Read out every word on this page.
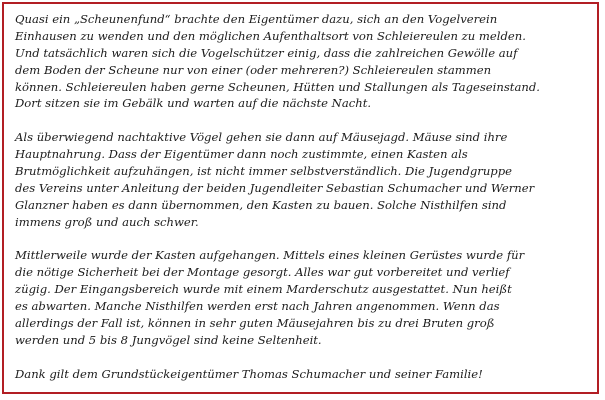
Quasi ein „Scheunenfund“ brachte den Eigentümer dazu, sich an den Vogelverein
Einhausen zu wenden und den möglichen Aufenthaltsort von Schleiereulen zu melden.
Und tatsächlich waren sich die Vogelschützer einig, dass die zahlreichen Gewölle auf
dem Boden der Scheune nur von einer (oder mehreren?) Schleiereulen stammen
können. Schleiereulen haben gerne Scheunen, Hütten und Stallungen als Tageseinstand.
Dort sitzen sie im Gebälk und warten auf die nächste Nacht.
Als überwiegend nachtaktive Vögel gehen sie dann auf Mäusejagd. Mäuse sind ihre
Hauptnahrung. Dass der Eigentümer dann noch zustimmte, einen Kasten als
Brutmöglichkeit aufzuhängen, ist nicht immer selbstverständlich. Die Jugendgruppe
des Vereins unter Anleitung der beiden Jugendleiter Sebastian Schumacher und Werner
Glanzner haben es dann übernommen, den Kasten zu bauen. Solche Nisthilfen sind
immens groß und auch schwer.
Mittlerweile wurde der Kasten aufgehangen. Mittels eines kleinen Gerüstes wurde für
die nötige Sicherheit bei der Montage gesorgt. Alles war gut vorbereitet und verlief
zügig. Der Eingangsbereich wurde mit einem Marderschutz ausgestattet. Nun heißt
es abwarten. Manche Nisthilfen werden erst nach Jahren angenommen. Wenn das
allerdings der Fall ist, können in sehr guten Mäusejahren bis zu drei Bruten groß
werden und 5 bis 8 Jungvögel sind keine Seltenheit.
Dank gilt dem Grundstückeigentümer Thomas Schumacher und seiner Familie!
